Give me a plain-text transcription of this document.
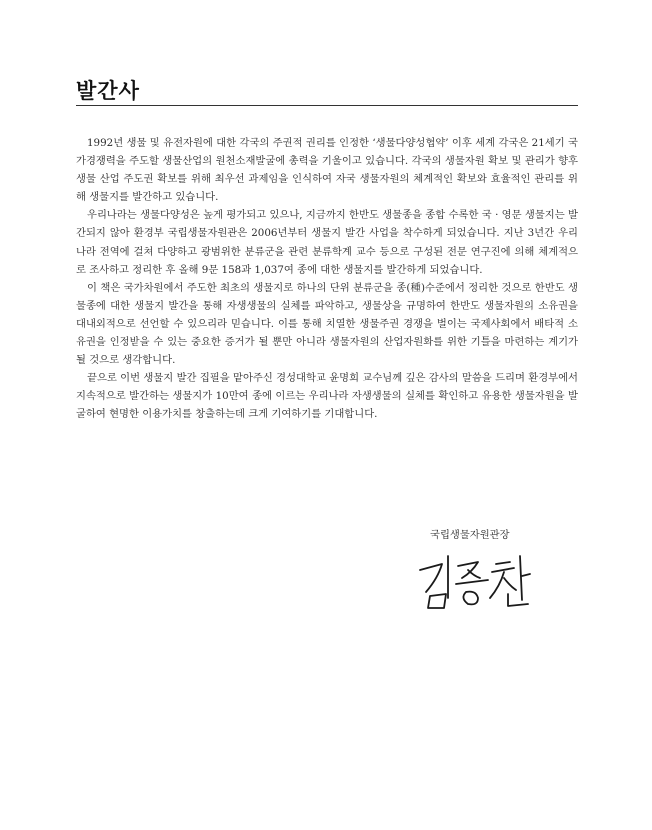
발간사

1992년 생물 및 유전자원에 대한 각국의 주권적 권리를 인정한 ‘생물다양성협약’ 이후 세계 각국은 21세기 국가경쟁력을 주도할 생물산업의 원천소재발굴에 총력을 기울이고 있습니다. 각국의 생물자원 확보 및 관리가 향후 생물 산업 주도권 확보를 위해 최우선 과제임을 인식하여 자국 생물자원의 체계적인 확보와 효율적인 관리를 위해 생물지를 발간하고 있습니다.

우리나라는 생물다양성은 높게 평가되고 있으나, 지금까지 한반도 생물종을 종합 수록한 국 · 영문 생물지는 발간되지 않아 환경부 국립생물자원관은 2006년부터 생물지 발간 사업을 착수하게 되었습니다. 지난 3년간 우리나라 전역에 걸쳐 다양하고 광범위한 분류군을 관련 분류학계 교수 등으로 구성된 전문 연구진에 의해 체계적으로 조사하고 정리한 후 올해 9문 158과 1,037여 종에 대한 생물지를 발간하게 되었습니다.

이 책은 국가차원에서 주도한 최초의 생물지로 하나의 단위 분류군을 종(種)수준에서 정리한 것으로 한반도 생물종에 대한 생물지 발간을 통해 자생생물의 실체를 파악하고, 생물상을 규명하여 한반도 생물자원의 소유권을 대내외적으로 선언할 수 있으리라 믿습니다. 이를 통해 치열한 생물주권 경쟁을 벌이는 국제사회에서 배타적 소유권을 인정받을 수 있는 중요한 증거가 될 뿐만 아니라 생물자원의 산업자원화를 위한 기틀을 마련하는 계기가 될 것으로 생각합니다.

끝으로 이번 생물지 발간 집필을 맡아주신 경성대학교 윤명희 교수님께 깊은 감사의 말씀을 드리며 환경부에서 지속적으로 발간하는 생물지가 10만여 종에 이르는 우리나라 자생생물의 실체를 확인하고 유용한 생물자원을 발굴하여 현명한 이용가치를 창출하는데 크게 기여하기를 기대합니다.

국립생물자원관장
